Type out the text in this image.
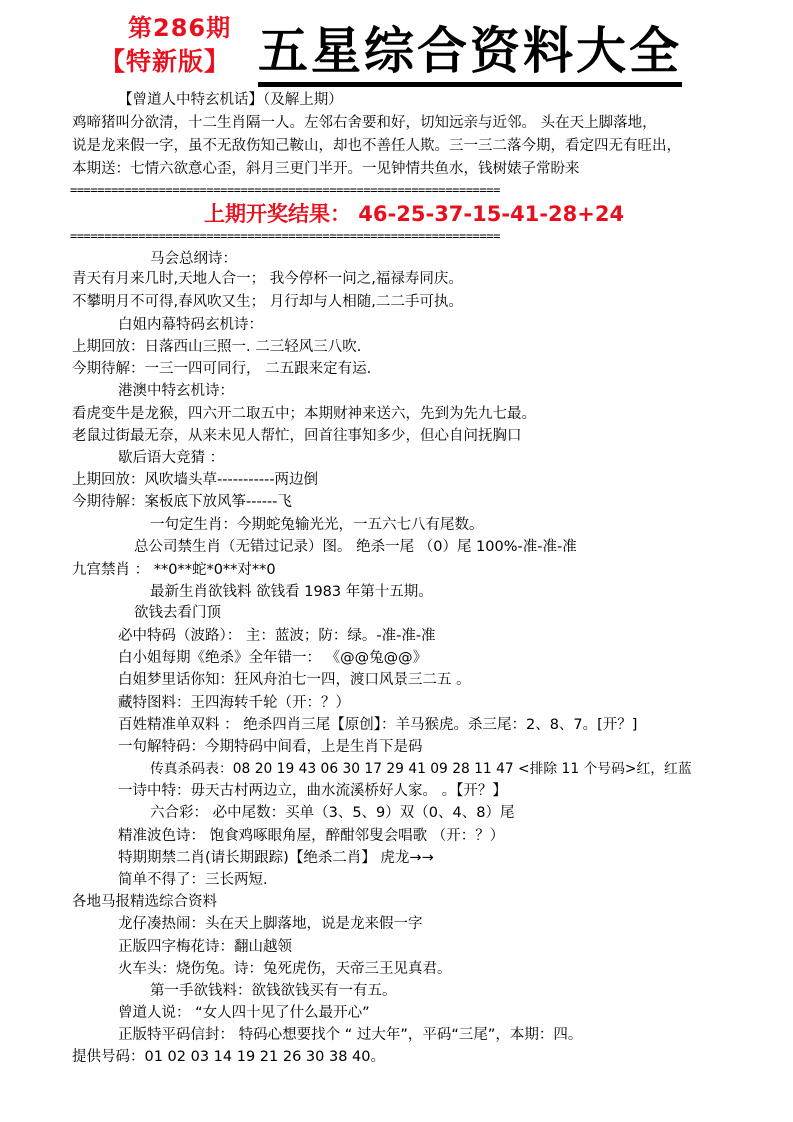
第286期
【特新版】 五星综合资料大全
【曾道人中特玄机话】（及解上期）
鸡啼猪叫分欲清，十二生肖隔一人。左邻右舍要和好，切知远亲与近邻。 头在天上脚落地，
说是龙来假一字，虽不无敌伤知己鞍山，却也不善任人欺。三一三二落今期，看定四无有旺出，
本期送：七情六欲意心歪，斜月三更门半开。一见钟情共鱼水，钱树婊子常盼来
===============================================================
上期开奖结果： 46-25-37-15-41-28+24
===============================================================
马会总纲诗：
青天有月来几时,天地人合一； 我今停杯一问之,福禄寿同庆。
不攀明月不可得,春风吹又生； 月行却与人相随,二二手可执。
白姐内幕特码玄机诗：
上期回放：日落西山三照一. 二三轻风三八吹.
今期待解：一三一四可同行， 二五跟来定有运.
港澳中特玄机诗：
看虎变牛是龙猴，四六开二取五中；本期财神来送六，先到为先九七最。
老鼠过街最无奈，从来未见人帮忙，回首往事知多少，但心自问抚胸口
歇后语大竞猜 ：
上期回放：风吹墙头草-----------两边倒
今期待解：案板底下放风筝------飞
一句定生肖：今期蛇兔输光光，一五六七八有尾数。
总公司禁生肖（无错过记录）图。 绝杀一尾 （0）尾 100%-准-准-准
九宫禁肖 ： **0**蛇*0**对**0
最新生肖欲钱料 欲钱看 1983 年第十五期。
欲钱去看门顶
必中特码（波路）： 主：蓝波；防：绿。-准-准-准
白小姐每期《绝杀》全年错一： 《@@兔@@》
白姐梦里话你知：狂风舟泊七一四，渡口风景三二五 。
藏特图料：王四海转千轮（开：？）
百姓精准单双料 ： 绝杀四肖三尾【原创】：羊马猴虎。杀三尾：2、8、7。[开？]
一句解特码：今期特码中间看，上是生肖下是码
传真杀码表：08 20 19 43 06 30 17 29 41 09 28 11 47 <排除 11 个号码>红，红蓝
一诗中特：毋天古村两边立，曲水流溪桥好人家。 。【开？】
六合彩： 必中尾数：买单（3、5、9）双（0、4、8）尾
精准波色诗： 饱食鸡啄眼角屋，醉酣邻叟会唱歌 （开：？）
特期期禁二肖(请长期跟踪)【绝杀二肖】 虎龙→→
简单不得了：三长两短.
各地马报精选综合资料
龙仔凑热闹：头在天上脚落地，说是龙来假一字
正版四字梅花诗：翻山越领
火车头：烧伤兔。诗：兔死虎伤，天帝三王见真君。
第一手欲钱料：欲钱欲钱买有一有五。
曾道人说： “女人四十见了什么最开心”
正版特平码信封： 特码心想要找个 “ 过大年”，平码“三尾”，本期：四。
提供号码：01 02 03 14 19 21 26 30 38 40。
